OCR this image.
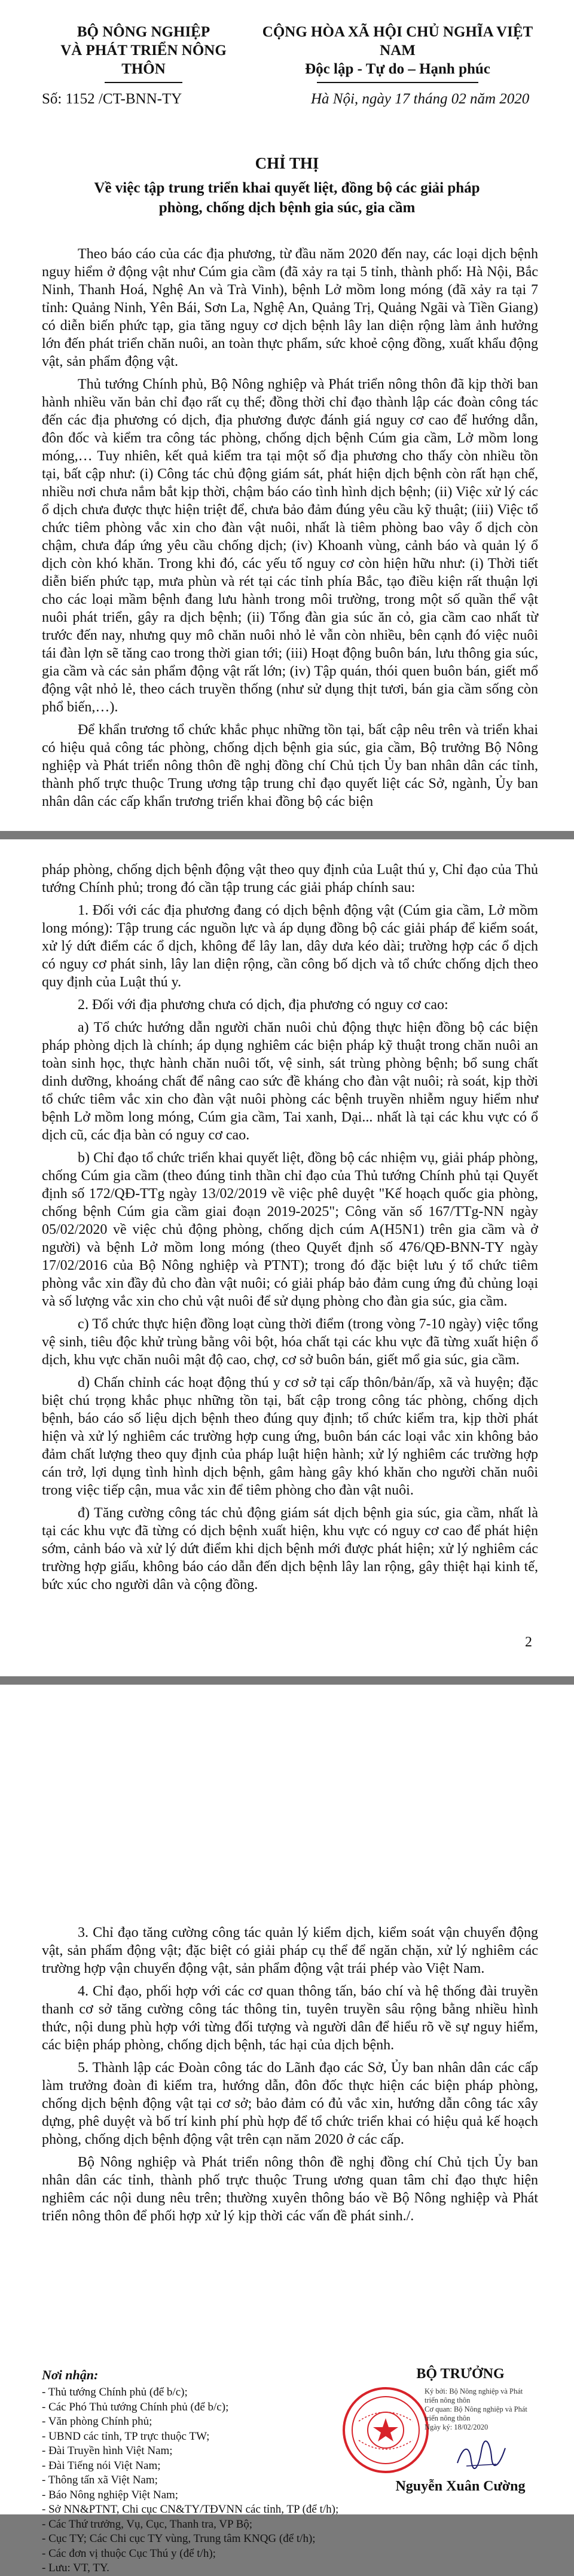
BỘ NÔNG NGHIỆP
VÀ PHÁT TRIỂN NÔNG THÔN
CỘNG HÒA XÃ HỘI CHỦ NGHĨA VIỆT NAM
Độc lập - Tự do – Hạnh phúc
Số: 1152 /CT-BNN-TY	Hà Nội, ngày 17 tháng 02 năm 2020
CHỈ THỊ
Về việc tập trung triển khai quyết liệt, đồng bộ các giải pháp phòng, chống dịch bệnh gia súc, gia cầm

Theo báo cáo của các địa phương, từ đầu năm 2020 đến nay, các loại dịch bệnh nguy hiểm ở động vật như Cúm gia cầm (đã xảy ra tại 5 tỉnh, thành phố: Hà Nội, Bắc Ninh, Thanh Hoá, Nghệ An và Trà Vinh), bệnh Lở mồm long móng (đã xảy ra tại 7 tỉnh: Quảng Ninh, Yên Bái, Sơn La, Nghệ An, Quảng Trị, Quảng Ngãi và Tiền Giang) có diễn biến phức tạp, gia tăng nguy cơ dịch bệnh lây lan diện rộng làm ảnh hưởng lớn đến phát triển chăn nuôi, an toàn thực phẩm, sức khoẻ cộng đồng, xuất khẩu động vật, sản phẩm động vật.

Thủ tướng Chính phủ, Bộ Nông nghiệp và Phát triển nông thôn đã kịp thời ban hành nhiều văn bản chỉ đạo rất cụ thể; đồng thời chỉ đạo thành lập các đoàn công tác đến các địa phương có dịch, địa phương được đánh giá nguy cơ cao để hướng dẫn, đôn đốc và kiểm tra công tác phòng, chống dịch bệnh Cúm gia cầm, Lở mồm long móng,… Tuy nhiên, kết quả kiểm tra tại một số địa phương cho thấy còn nhiều tồn tại, bất cập như: (i) Công tác chủ động giám sát, phát hiện dịch bệnh còn rất hạn chế, nhiều nơi chưa nắm bắt kịp thời, chậm báo cáo tình hình dịch bệnh; (ii) Việc xử lý các ổ dịch chưa được thực hiện triệt để, chưa bảo đảm đúng yêu cầu kỹ thuật; (iii) Việc tổ chức tiêm phòng vắc xin cho đàn vật nuôi, nhất là tiêm phòng bao vây ổ dịch còn chậm, chưa đáp ứng yêu cầu chống dịch; (iv) Khoanh vùng, cảnh báo và quản lý ổ dịch còn khó khăn. Trong khi đó, các yếu tố nguy cơ còn hiện hữu như: (i) Thời tiết diễn biến phức tạp, mưa phùn và rét tại các tỉnh phía Bắc, tạo điều kiện rất thuận lợi cho các loại mầm bệnh đang lưu hành trong môi trường, trong một số quần thể vật nuôi phát triển, gây ra dịch bệnh; (ii) Tổng đàn gia súc ăn cỏ, gia cầm cao nhất từ trước đến nay, nhưng quy mô chăn nuôi nhỏ lẻ vẫn còn nhiều, bên cạnh đó việc nuôi tái đàn lợn sẽ tăng cao trong thời gian tới; (iii) Hoạt động buôn bán, lưu thông gia súc, gia cầm và các sản phẩm động vật rất lớn; (iv) Tập quán, thói quen buôn bán, giết mổ động vật nhỏ lẻ, theo cách truyền thống (như sử dụng thịt tươi, bán gia cầm sống còn phổ biến,…).

Để khẩn trương tổ chức khắc phục những tồn tại, bất cập nêu trên và triển khai có hiệu quả công tác phòng, chống dịch bệnh gia súc, gia cầm, Bộ trưởng Bộ Nông nghiệp và Phát triển nông thôn đề nghị đồng chí Chủ tịch Ủy ban nhân dân các tỉnh, thành phố trực thuộc Trung ương tập trung chỉ đạo quyết liệt các Sở, ngành, Ủy ban nhân dân các cấp khẩn trương triển khai đồng bộ các biện

pháp phòng, chống dịch bệnh động vật theo quy định của Luật thú y, Chỉ đạo của Thủ tướng Chính phủ; trong đó cần tập trung các giải pháp chính sau:

1. Đối với các địa phương đang có dịch bệnh động vật (Cúm gia cầm, Lở mồm long móng): Tập trung các nguồn lực và áp dụng đồng bộ các giải pháp để kiểm soát, xử lý dứt điểm các ổ dịch, không để lây lan, dây dưa kéo dài; trường hợp các ổ dịch có nguy cơ phát sinh, lây lan diện rộng, cần công bố dịch và tổ chức chống dịch theo quy định của Luật thú y.

2. Đối với địa phương chưa có dịch, địa phương có nguy cơ cao:

a) Tổ chức hướng dẫn người chăn nuôi chủ động thực hiện đồng bộ các biện pháp phòng dịch là chính; áp dụng nghiêm các biện pháp kỹ thuật trong chăn nuôi an toàn sinh học, thực hành chăn nuôi tốt, vệ sinh, sát trùng phòng bệnh; bổ sung chất dinh dưỡng, khoáng chất để nâng cao sức đề kháng cho đàn vật nuôi; rà soát, kịp thời tổ chức tiêm vắc xin cho đàn vật nuôi phòng các bệnh truyền nhiễm nguy hiểm như bệnh Lở mồm long móng, Cúm gia cầm, Tai xanh, Dại... nhất là tại các khu vực có ổ dịch cũ, các địa bàn có nguy cơ cao.

b) Chỉ đạo tổ chức triển khai quyết liệt, đồng bộ các nhiệm vụ, giải pháp phòng, chống Cúm gia cầm (theo đúng tinh thần chỉ đạo của Thủ tướng Chính phủ tại Quyết định số 172/QĐ-TTg ngày 13/02/2019 về việc phê duyệt "Kế hoạch quốc gia phòng, chống bệnh Cúm gia cầm giai đoạn 2019-2025"; Công văn số 167/TTg-NN ngày 05/02/2020 về việc chủ động phòng, chống dịch cúm A(H5N1) trên gia cầm và ở người) và bệnh Lở mồm long móng (theo Quyết định số 476/QĐ-BNN-TY ngày 17/02/2016 của Bộ Nông nghiệp và PTNT); trong đó đặc biệt lưu ý tổ chức tiêm phòng vắc xin đầy đủ cho đàn vật nuôi; có giải pháp bảo đảm cung ứng đủ chủng loại và số lượng vắc xin cho chủ vật nuôi để sử dụng phòng cho đàn gia súc, gia cầm.

c) Tổ chức thực hiện đồng loạt cùng thời điểm (trong vòng 7-10 ngày) việc tổng vệ sinh, tiêu độc khử trùng bằng vôi bột, hóa chất tại các khu vực đã từng xuất hiện ổ dịch, khu vực chăn nuôi mật độ cao, chợ, cơ sở buôn bán, giết mổ gia súc, gia cầm.

d) Chấn chỉnh các hoạt động thú y cơ sở tại cấp thôn/bản/ấp, xã và huyện; đặc biệt chú trọng khắc phục những tồn tại, bất cập trong công tác phòng, chống dịch bệnh, báo cáo số liệu dịch bệnh theo đúng quy định; tổ chức kiểm tra, kịp thời phát hiện và xử lý nghiêm các trường hợp cung ứng, buôn bán các loại vắc xin không bảo đảm chất lượng theo quy định của pháp luật hiện hành; xử lý nghiêm các trường hợp cán trở, lợi dụng tình hình dịch bệnh, gâm hàng gây khó khăn cho người chăn nuôi trong việc tiếp cận, mua vắc xin để tiêm phòng cho đàn vật nuôi.

đ) Tăng cường công tác chủ động giám sát dịch bệnh gia súc, gia cầm, nhất là tại các khu vực đã từng có dịch bệnh xuất hiện, khu vực có nguy cơ cao để phát hiện sớm, cảnh báo và xử lý dứt điểm khi dịch bệnh mới được phát hiện; xử lý nghiêm các trường hợp giấu, không báo cáo dẫn đến dịch bệnh lây lan rộng, gây thiệt hại kinh tế, bức xúc cho người dân và cộng đồng.

2

3. Chỉ đạo tăng cường công tác quản lý kiểm dịch, kiểm soát vận chuyển động vật, sản phẩm động vật; đặc biệt có giải pháp cụ thể để ngăn chặn, xử lý nghiêm các trường hợp vận chuyển động vật, sản phẩm động vật trái phép vào Việt Nam.

4. Chỉ đạo, phối hợp với các cơ quan thông tấn, báo chí và hệ thống đài truyền thanh cơ sở tăng cường công tác thông tin, tuyên truyền sâu rộng bằng nhiều hình thức, nội dung phù hợp với từng đối tượng và người dân để hiểu rõ về sự nguy hiểm, các biện pháp phòng, chống dịch bệnh, tác hại của dịch bệnh.

5. Thành lập các Đoàn công tác do Lãnh đạo các Sở, Ủy ban nhân dân các cấp làm trưởng đoàn đi kiểm tra, hướng dẫn, đôn đốc thực hiện các biện pháp phòng, chống dịch bệnh động vật tại cơ sở; bảo đảm có đủ vắc xin, hướng dẫn công tác xây dựng, phê duyệt và bố trí kinh phí phù hợp để tổ chức triển khai có hiệu quả kế hoạch phòng, chống dịch bệnh động vật trên cạn năm 2020 ở các cấp.

Bộ Nông nghiệp và Phát triển nông thôn đề nghị đồng chí Chủ tịch Ủy ban nhân dân các tỉnh, thành phố trực thuộc Trung ương quan tâm chỉ đạo thực hiện nghiêm các nội dung nêu trên; thường xuyên thông báo về Bộ Nông nghiệp và Phát triển nông thôn để phối hợp xử lý kịp thời các vấn đề phát sinh./.

Nơi nhận:
- Thủ tướng Chính phủ (để b/c);
- Các Phó Thủ tướng Chính phủ (để b/c);
- Văn phòng Chính phủ;
- UBND các tỉnh, TP trực thuộc TW;
- Đài Truyền hình Việt Nam;
- Đài Tiếng nói Việt Nam;
- Thông tấn xã Việt Nam;
- Báo Nông nghiệp Việt Nam;
- Sở NN&PTNT, Chi cục CN&TY/TĐVNN các tỉnh, TP (để t/h);
- Các Thứ trưởng, Vụ, Cục, Thanh tra, VP Bộ;
- Cục TY; Các Chi cục TY vùng, Trung tâm KNQG (để t/h);
- Các đơn vị thuộc Cục Thú y (để t/h);
- Lưu: VT, TY.
BỘ TRƯỞNG
Ký bởi: Bộ Nông nghiệp và Phát triển nông thôn
Cơ quan: Bộ Nông nghiệp và Phát triển nông thôn
Ngày ký: 18/02/2020
Nguyễn Xuân Cường
